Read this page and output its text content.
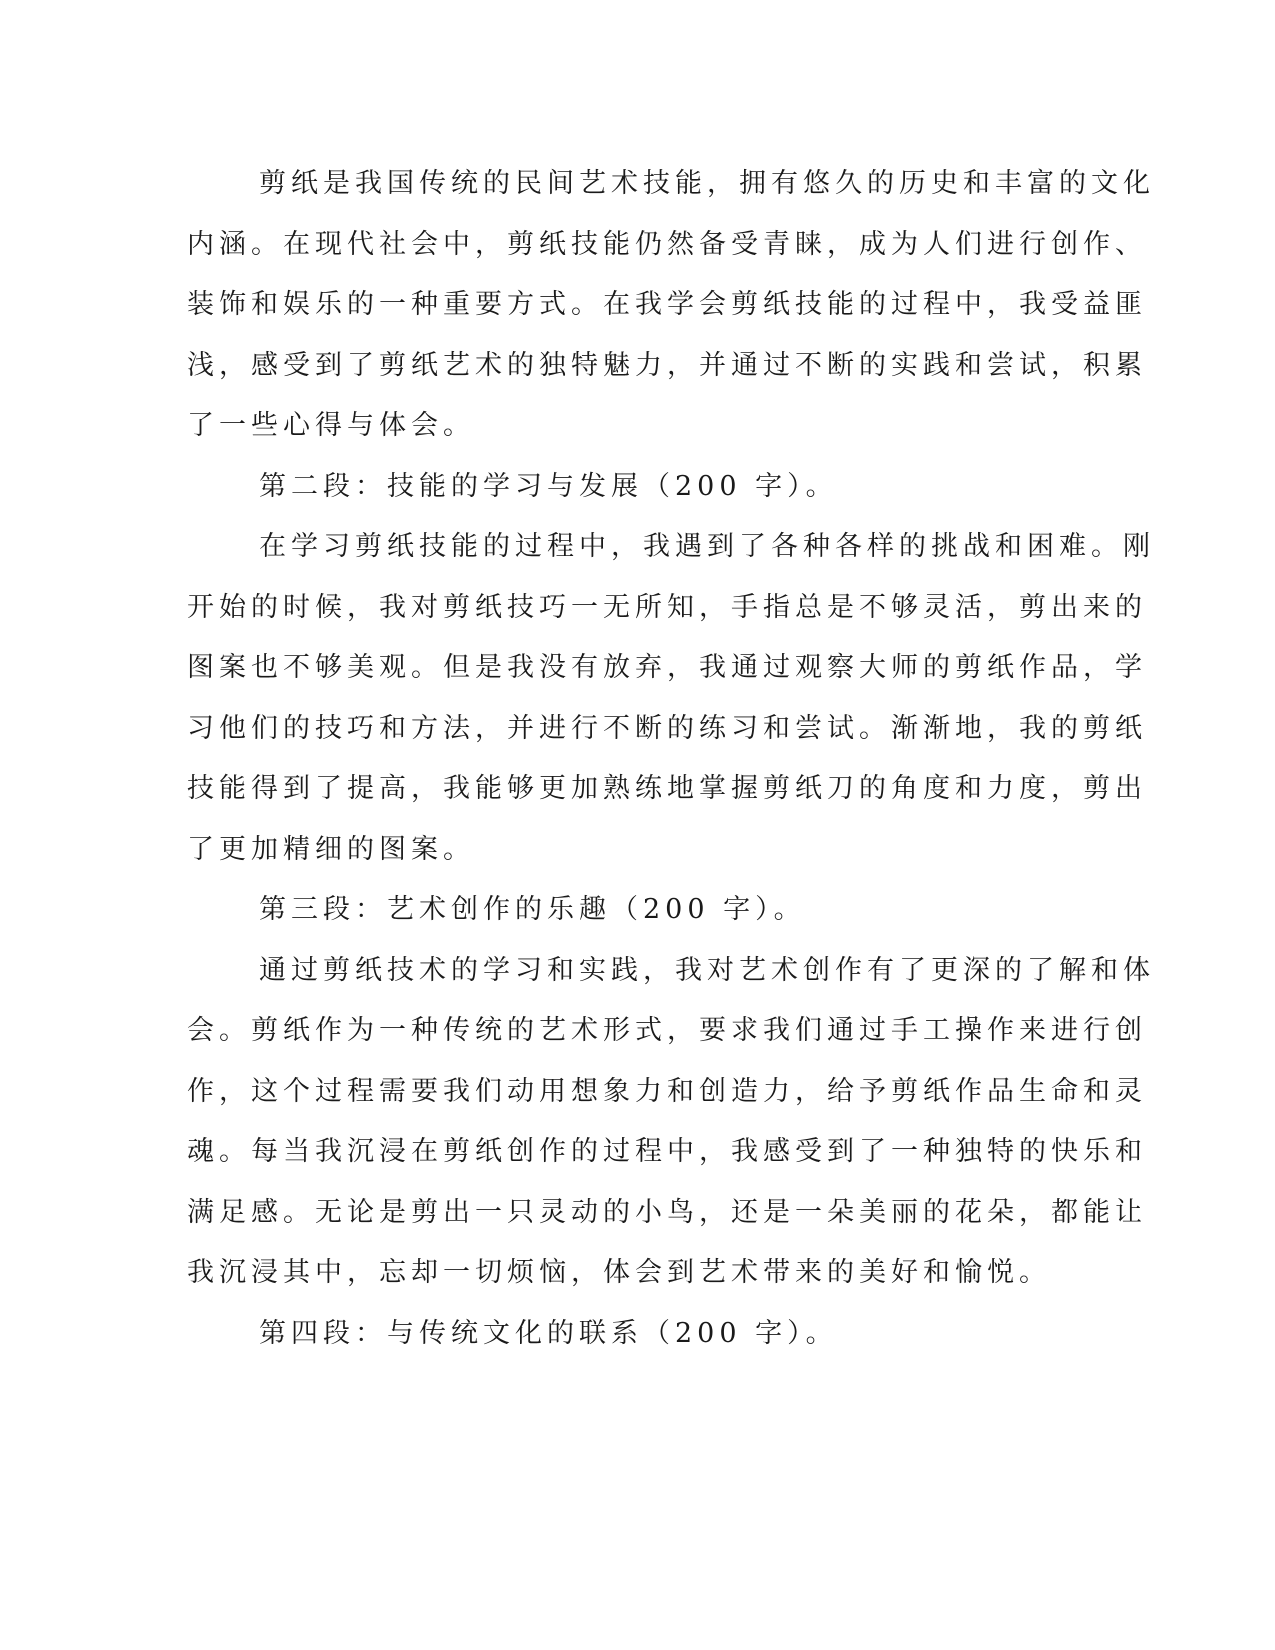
剪纸是我国传统的民间艺术技能，拥有悠久的历史和丰富的文化
内涵。在现代社会中，剪纸技能仍然备受青睐，成为人们进行创作、
装饰和娱乐的一种重要方式。在我学会剪纸技能的过程中，我受益匪
浅，感受到了剪纸艺术的独特魅力，并通过不断的实践和尝试，积累
了一些心得与体会。
第二段：技能的学习与发展（200 字）。
在学习剪纸技能的过程中，我遇到了各种各样的挑战和困难。刚
开始的时候，我对剪纸技巧一无所知，手指总是不够灵活，剪出来的
图案也不够美观。但是我没有放弃，我通过观察大师的剪纸作品，学
习他们的技巧和方法，并进行不断的练习和尝试。渐渐地，我的剪纸
技能得到了提高，我能够更加熟练地掌握剪纸刀的角度和力度，剪出
了更加精细的图案。
第三段：艺术创作的乐趣（200 字）。
通过剪纸技术的学习和实践，我对艺术创作有了更深的了解和体
会。剪纸作为一种传统的艺术形式，要求我们通过手工操作来进行创
作，这个过程需要我们动用想象力和创造力，给予剪纸作品生命和灵
魂。每当我沉浸在剪纸创作的过程中，我感受到了一种独特的快乐和
满足感。无论是剪出一只灵动的小鸟，还是一朵美丽的花朵，都能让
我沉浸其中，忘却一切烦恼，体会到艺术带来的美好和愉悦。
第四段：与传统文化的联系（200 字）。
